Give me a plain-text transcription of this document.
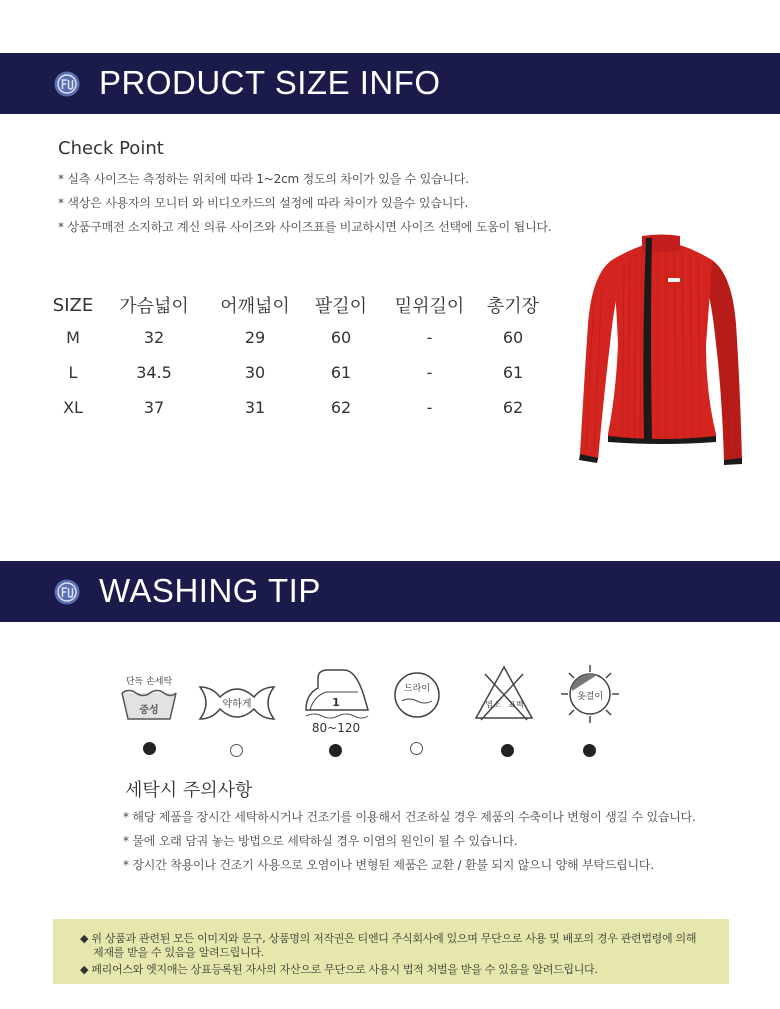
PRODUCT SIZE INFO
Check Point
* 실측 사이즈는 측정하는 위치에 따라 1~2cm 정도의 차이가 있을 수 있습니다.
* 색상은 사용자의 모니터 와 비디오카드의 설정에 따라 차이가 있을수 있습니다.
* 상품구매전 소지하고 계신 의류 사이즈와 사이즈표를 비교하시면 사이즈 선택에 도움이 됩니다.
SIZE	가슴넓이	어깨넓이	팔길이	밑위길이	총기장
M	32	29	60	-	60
L	34.5	30	61	-	61
XL	37	31	62	-	62
WASHING TIP
단독 손세탁
중성
약하게	1
80~120
드라이
염소 표백
옷걸이
세탁시 주의사항
* 해당 제품을 장시간 세탁하시거나 건조기를 이용해서 건조하실 경우 제품의 수축이나 변형이 생길 수 있습니다.
* 물에 오래 담궈 놓는 방법으로 세탁하실 경우 이염의 원인이 될 수 있습니다.
* 장시간 착용이나 건조기 사용으로 오염이나 변형된 제품은 교환 / 환불 되지 않으니 양해 부탁드립니다.
◆ 위 상품과 관련된 모든 이미지와 문구, 상품명의 저작권은 티엔디 주식회사에 있으며 무단으로 사용 및 배포의 경우 관련법령에 의해
제재를 받을 수 있음을 알려드립니다.
◆ 페리어스와 엣지애는 상표등록된 자사의 자산으로 무단으로 사용시 법적 처벌을 받을 수 있음을 알려드립니다.
